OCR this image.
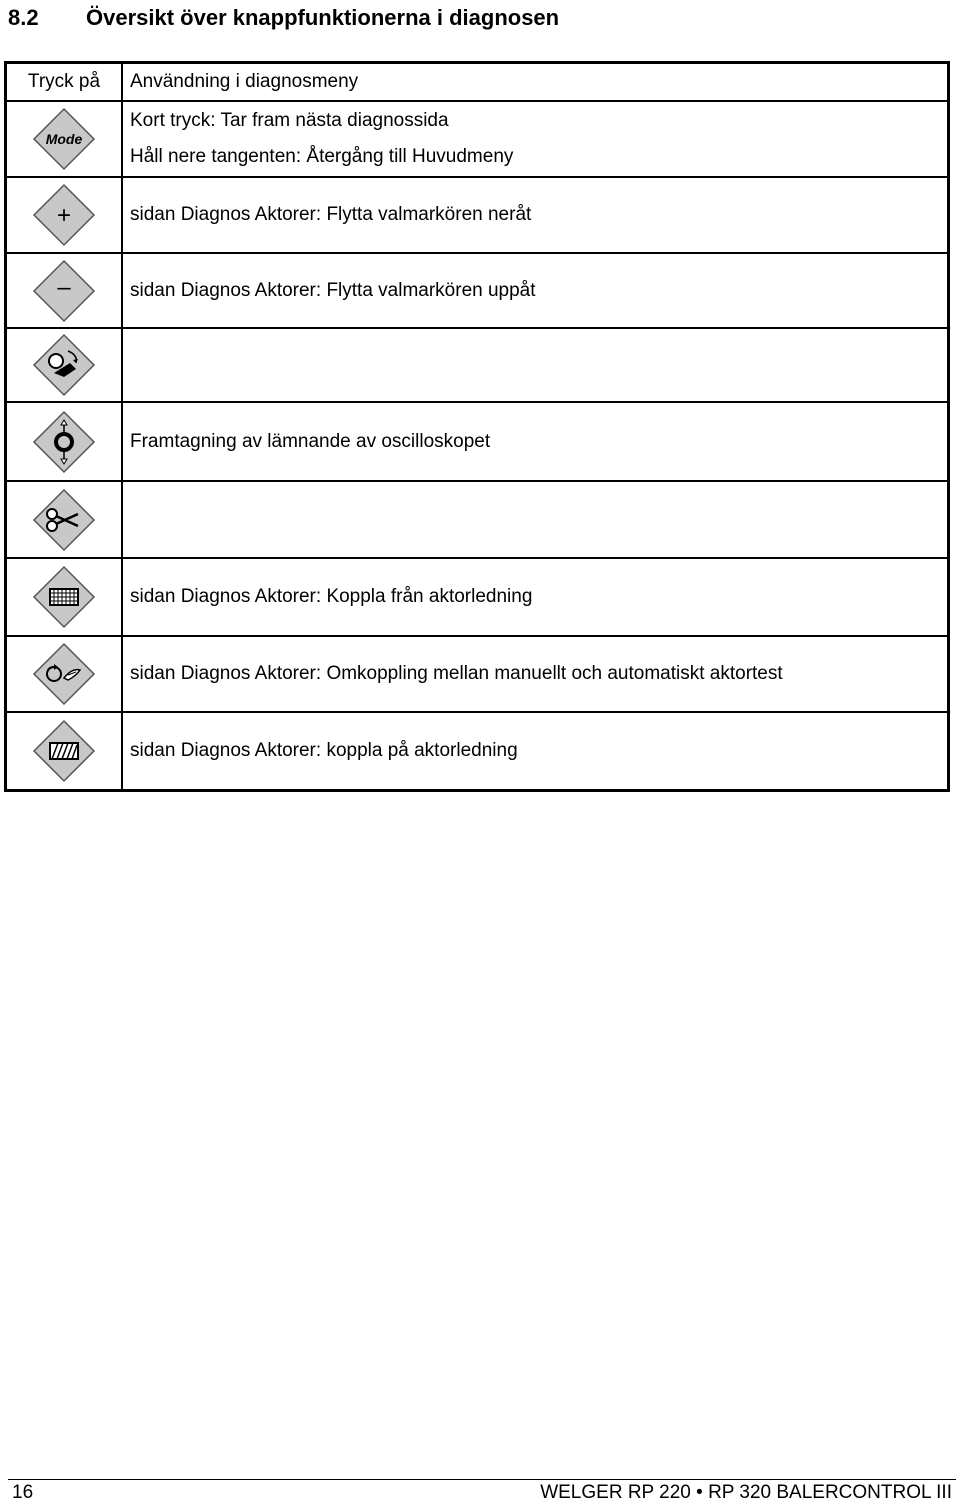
8.2	Översikt över knappfunktionerna i diagnosen
Tryck på	Användning i diagnosmeny

Mode	Kort tryck: Tar fram nästa diagnossida
Håll nere tangenten: Återgång till Huvudmeny

+	sidan Diagnos Aktorer: Flytta valmarkören neråt

–	sidan Diagnos Aktorer: Flytta valmarkören uppåt

	Framtagning av lämnande av oscilloskopet

	sidan Diagnos Aktorer: Koppla från aktorledning

	sidan Diagnos Aktorer: Omkoppling mellan manuellt och automatiskt aktortest

	sidan Diagnos Aktorer: koppla på aktorledning
16	WELGER RP 220 • RP 320 BALERCONTROL III
